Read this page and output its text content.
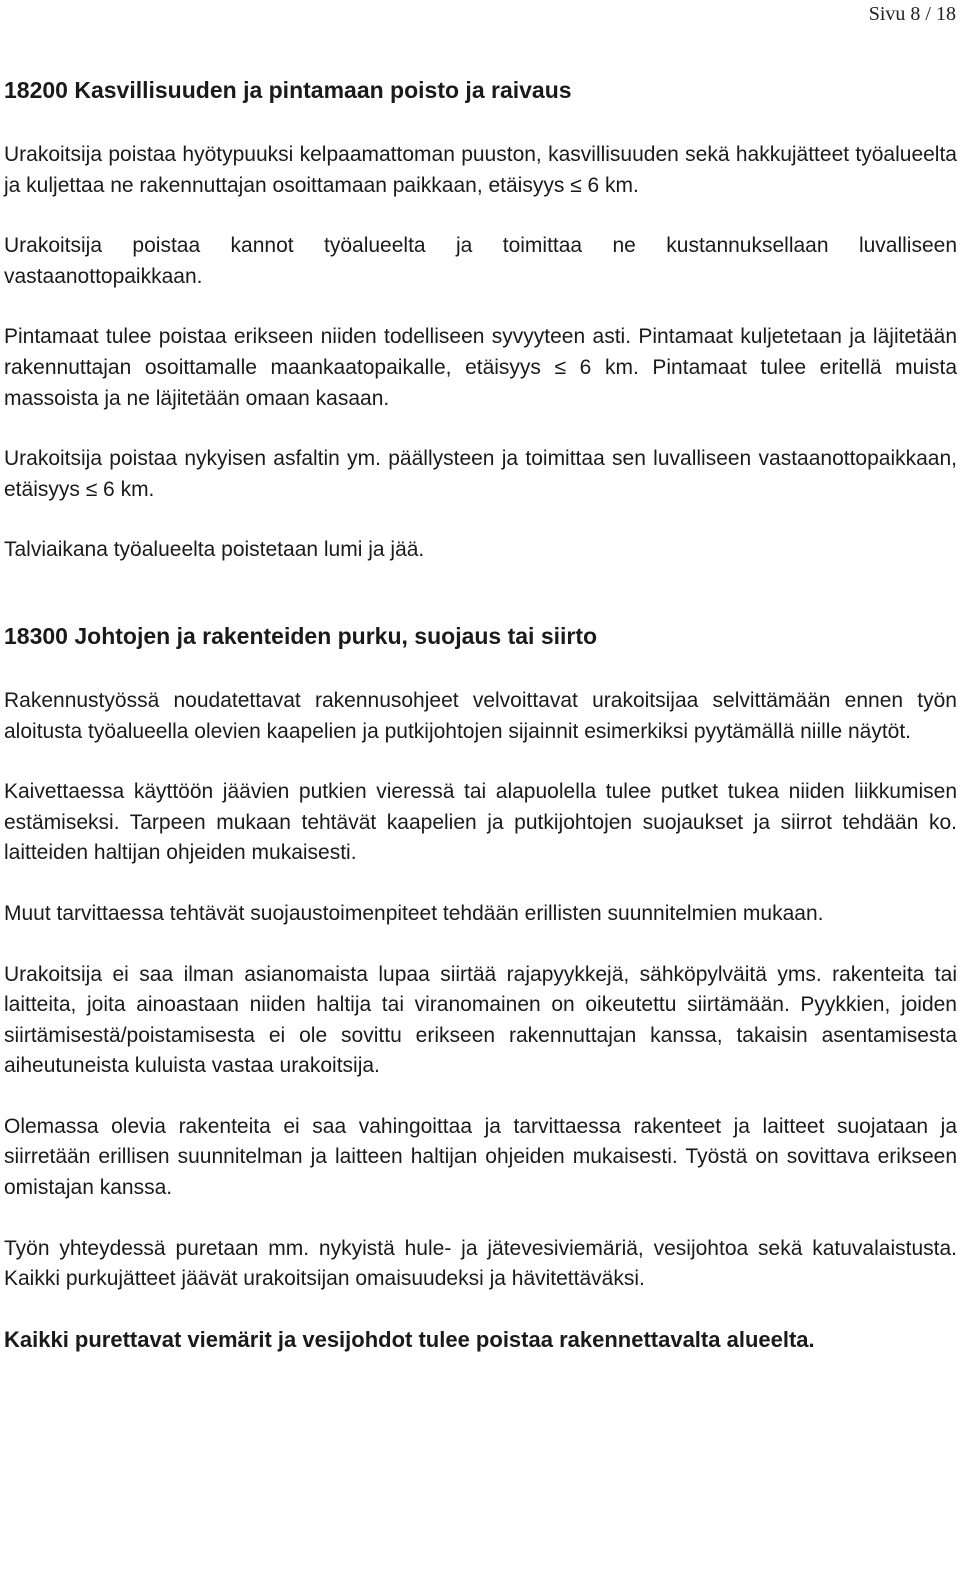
Sivu 8 / 18
18200 Kasvillisuuden ja pintamaan poisto ja raivaus

Urakoitsija poistaa hyötypuuksi kelpaamattoman puuston, kasvillisuuden sekä hakkujätteet työalueelta ja kuljettaa ne rakennuttajan osoittamaan paikkaan, etäisyys ≤ 6 km.

Urakoitsija poistaa kannot työalueelta ja toimittaa ne kustannuksellaan luvalliseen vastaanottopaikkaan.

Pintamaat tulee poistaa erikseen niiden todelliseen syvyyteen asti. Pintamaat kuljetetaan ja läjitetään rakennuttajan osoittamalle maankaatopaikalle, etäisyys ≤ 6 km. Pintamaat tulee eritellä muista massoista ja ne läjitetään omaan kasaan.

Urakoitsija poistaa nykyisen asfaltin ym. päällysteen ja toimittaa sen luvalliseen vastaanottopaikkaan, etäisyys ≤ 6 km.

Talviaikana työalueelta poistetaan lumi ja jää.

18300 Johtojen ja rakenteiden purku, suojaus tai siirto

Rakennustyössä noudatettavat rakennusohjeet velvoittavat urakoitsijaa selvittämään ennen työn aloitusta työalueella olevien kaapelien ja putkijohtojen sijainnit esimerkiksi pyytämällä niille näytöt.

Kaivettaessa käyttöön jäävien putkien vieressä tai alapuolella tulee putket tukea niiden liikkumisen estämiseksi. Tarpeen mukaan tehtävät kaapelien ja putkijohtojen suojaukset ja siirrot tehdään ko. laitteiden haltijan ohjeiden mukaisesti.

Muut tarvittaessa tehtävät suojaustoimenpiteet tehdään erillisten suunnitelmien mukaan.

Urakoitsija ei saa ilman asianomaista lupaa siirtää rajapyykkejä, sähköpylväitä yms. rakenteita tai laitteita, joita ainoastaan niiden haltija tai viranomainen on oikeutettu siirtämään. Pyykkien, joiden siirtämisestä/poistamisesta ei ole sovittu erikseen rakennuttajan kanssa, takaisin asentamisesta aiheutuneista kuluista vastaa urakoitsija.

Olemassa olevia rakenteita ei saa vahingoittaa ja tarvittaessa rakenteet ja laitteet suojataan ja siirretään erillisen suunnitelman ja laitteen haltijan ohjeiden mukaisesti. Työstä on sovittava erikseen omistajan kanssa.

Työn yhteydessä puretaan mm. nykyistä hule- ja jätevesiviemäriä, vesijohtoa sekä katuvalaistusta. Kaikki purkujätteet jäävät urakoitsijan omaisuudeksi ja hävitettäväksi.

Kaikki purettavat viemärit ja vesijohdot tulee poistaa rakennettavalta alueelta.
